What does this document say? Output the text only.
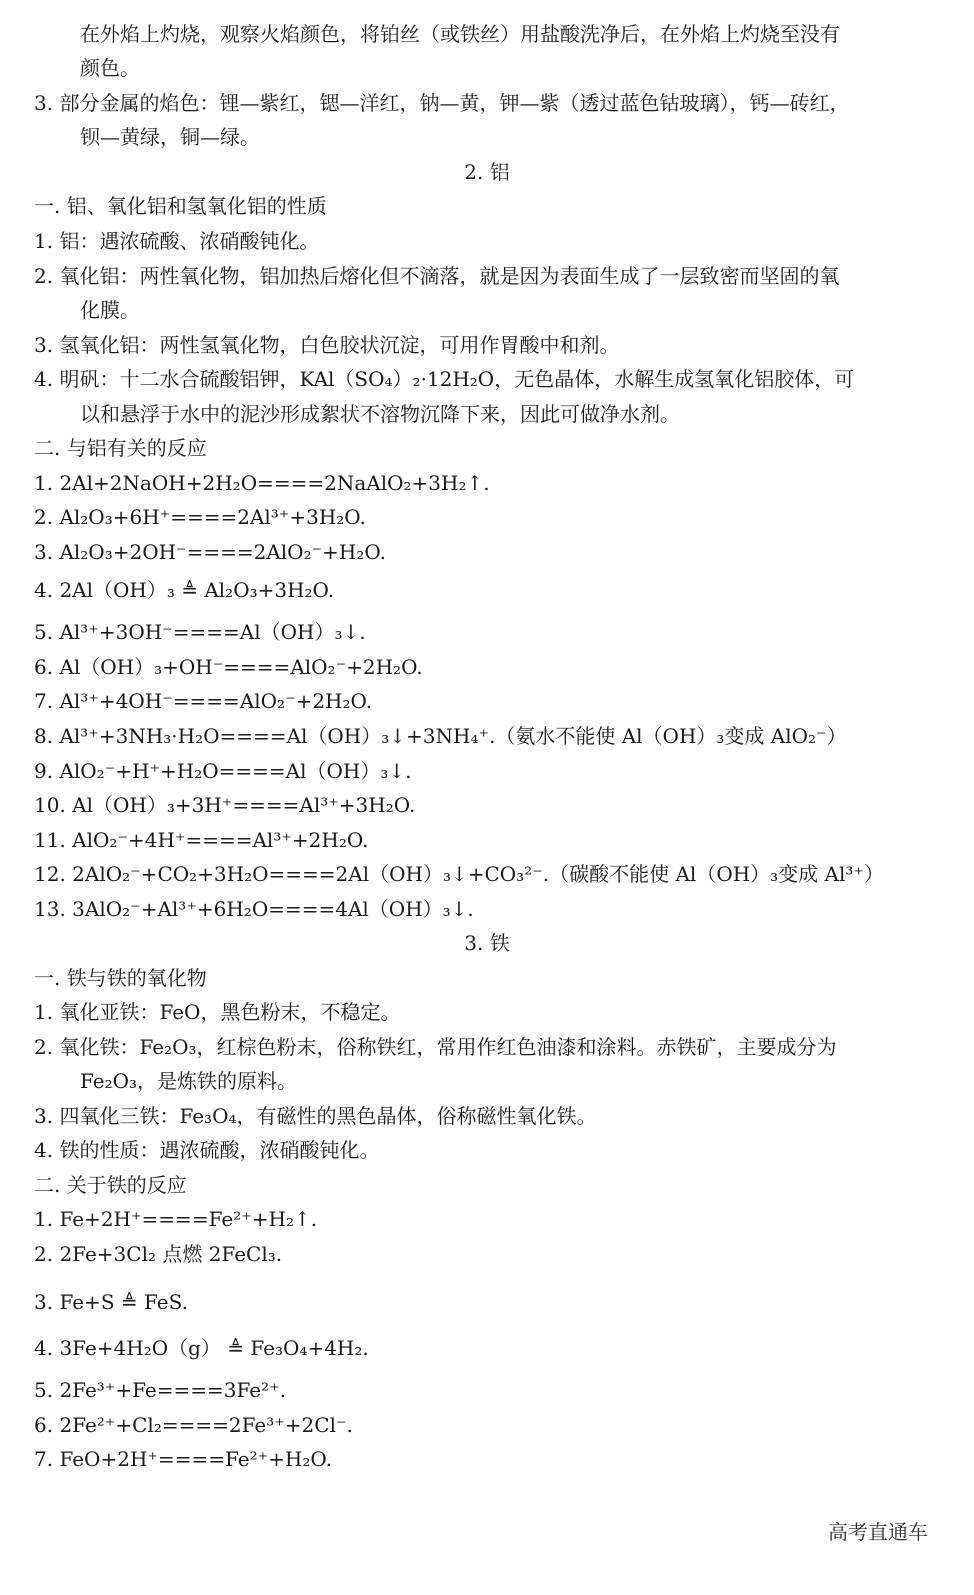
在外焰上灼烧，观察火焰颜色，将铂丝（或铁丝）用盐酸洗净后，在外焰上灼烧至没有
颜色。
3. 部分金属的焰色：锂—紫红，锶—洋红，钠—黄，钾—紫（透过蓝色钴玻璃），钙—砖红，
钡—黄绿，铜—绿。
2. 铝
一. 铝、氧化铝和氢氧化铝的性质
1. 铝：遇浓硫酸、浓硝酸钝化。
2. 氧化铝：两性氧化物，铝加热后熔化但不滴落，就是因为表面生成了一层致密而坚固的氧
化膜。
3. 氢氧化铝：两性氢氧化物，白色胶状沉淀，可用作胃酸中和剂。
4. 明矾：十二水合硫酸铝钾，KAl（SO₄）₂·12H₂O，无色晶体，水解生成氢氧化铝胶体，可
以和悬浮于水中的泥沙形成絮状不溶物沉降下来，因此可做净水剂。
二. 与铝有关的反应
1. 2Al+2NaOH+2H₂O====2NaAlO₂+3H₂↑.
2. Al₂O₃+6H⁺====2Al³⁺+3H₂O.
3. Al₂O₃+2OH⁻====2AlO₂⁻+H₂O.
4. 2Al（OH）₃ ≜ Al₂O₃+3H₂O.
5. Al³⁺+3OH⁻====Al（OH）₃↓.
6. Al（OH）₃+OH⁻====AlO₂⁻+2H₂O.
7. Al³⁺+4OH⁻====AlO₂⁻+2H₂O.
8. Al³⁺+3NH₃·H₂O====Al（OH）₃↓+3NH₄⁺.（氨水不能使 Al（OH）₃变成 AlO₂⁻）
9. AlO₂⁻+H⁺+H₂O====Al（OH）₃↓.
10. Al（OH）₃+3H⁺====Al³⁺+3H₂O.
11. AlO₂⁻+4H⁺====Al³⁺+2H₂O.
12. 2AlO₂⁻+CO₂+3H₂O====2Al（OH）₃↓+CO₃²⁻.（碳酸不能使 Al（OH）₃变成 Al³⁺）
13. 3AlO₂⁻+Al³⁺+6H₂O====4Al（OH）₃↓.
3. 铁
一. 铁与铁的氧化物
1. 氧化亚铁：FeO，黑色粉末，不稳定。
2. 氧化铁：Fe₂O₃，红棕色粉末，俗称铁红，常用作红色油漆和涂料。赤铁矿，主要成分为
Fe₂O₃，是炼铁的原料。
3. 四氧化三铁：Fe₃O₄，有磁性的黑色晶体，俗称磁性氧化铁。
4. 铁的性质：遇浓硫酸，浓硝酸钝化。
二. 关于铁的反应
1. Fe+2H⁺====Fe²⁺+H₂↑.
2. 2Fe+3Cl₂ 点燃 2FeCl₃.
3. Fe+S ≜ FeS.
4. 3Fe+4H₂O（g） ≜ Fe₃O₄+4H₂.
5. 2Fe³⁺+Fe====3Fe²⁺.
6. 2Fe²⁺+Cl₂====2Fe³⁺+2Cl⁻.
7. FeO+2H⁺====Fe²⁺+H₂O.
高考直通车
